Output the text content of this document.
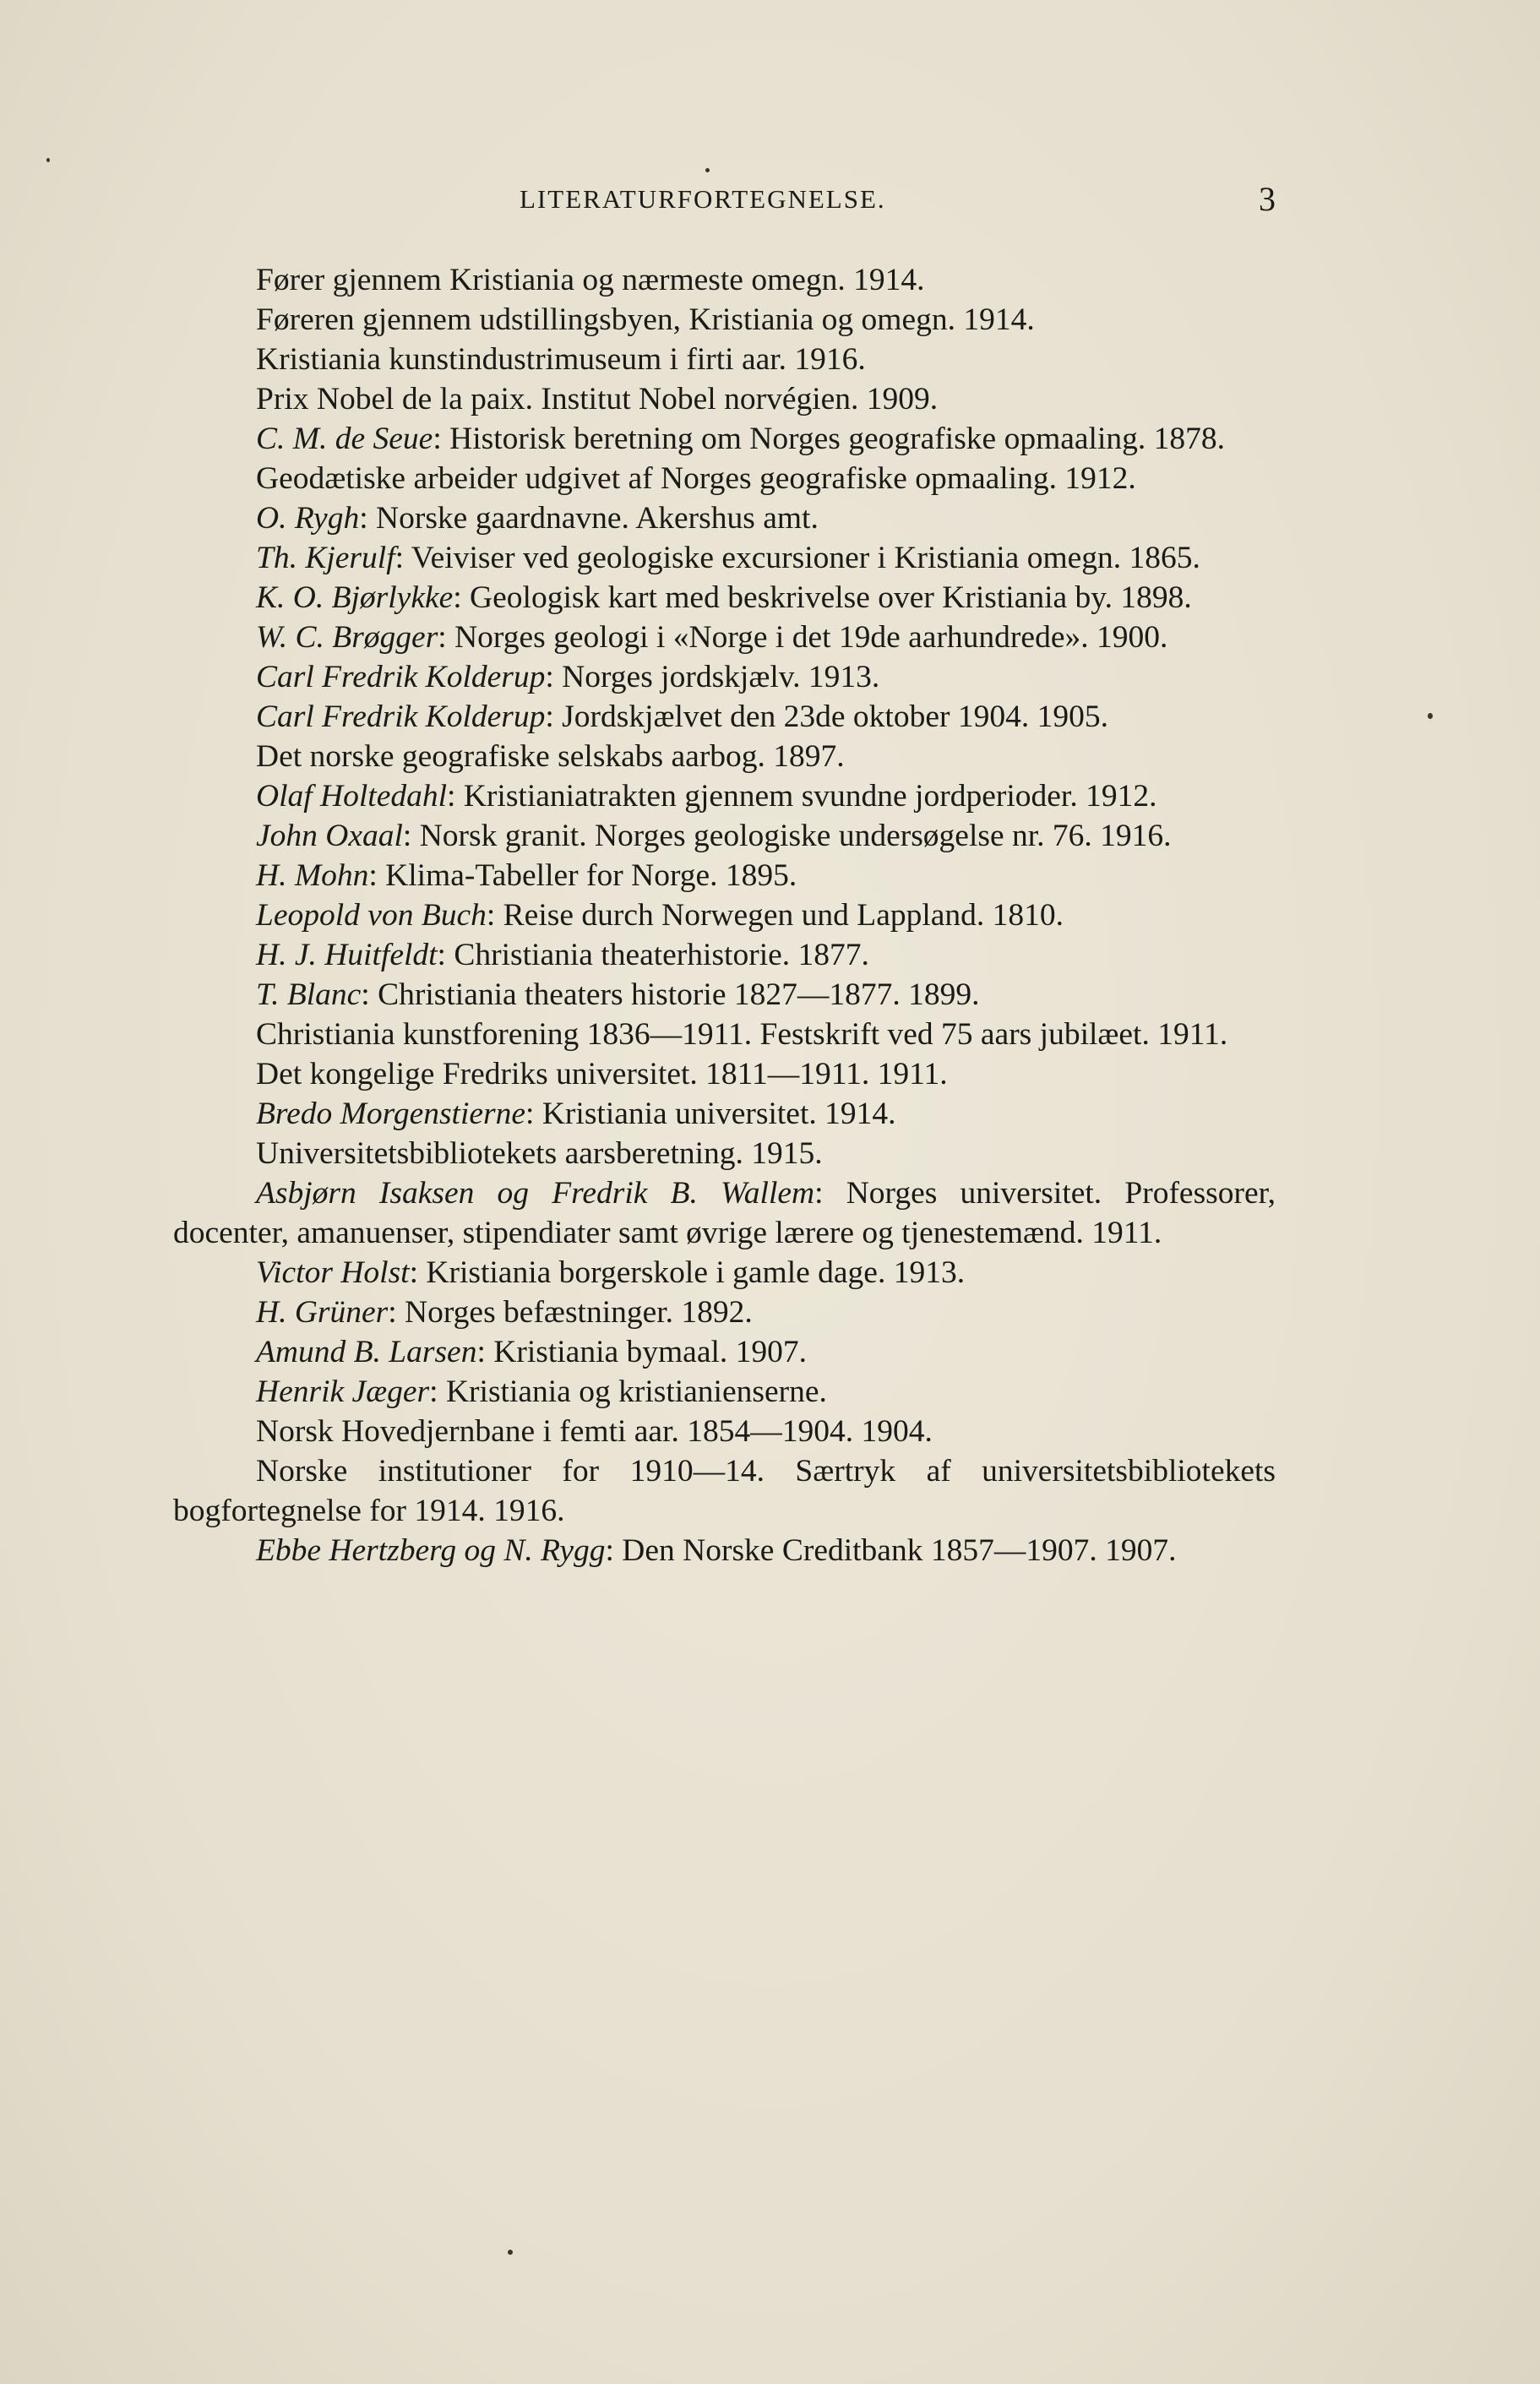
LITERATURFORTEGNELSE.	3

Fører gjennem Kristiania og nærmeste omegn. 1914.

Føreren gjennem udstillingsbyen, Kristiania og omegn. 1914.

Kristiania kunstindustrimuseum i firti aar. 1916.

Prix Nobel de la paix. Institut Nobel norvégien. 1909.

C. M. de Seue: Historisk beretning om Norges geografiske opmaaling. 1878.

Geodætiske arbeider udgivet af Norges geografiske opmaaling. 1912.

O. Rygh: Norske gaardnavne. Akershus amt.

Th. Kjerulf: Veiviser ved geologiske excursioner i Kristiania omegn. 1865.

K. O. Bjørlykke: Geologisk kart med beskrivelse over Kristiania by. 1898.

W. C. Brøgger: Norges geologi i «Norge i det 19de aarhundrede». 1900.

Carl Fredrik Kolderup: Norges jordskjælv. 1913.

Carl Fredrik Kolderup: Jordskjælvet den 23de oktober 1904. 1905.

Det norske geografiske selskabs aarbog. 1897.

Olaf Holtedahl: Kristianiatrakten gjennem svundne jordperioder. 1912.

John Oxaal: Norsk granit. Norges geologiske undersøgelse nr. 76. 1916.

H. Mohn: Klima-Tabeller for Norge. 1895.

Leopold von Buch: Reise durch Norwegen und Lappland. 1810.

H. J. Huitfeldt: Christiania theaterhistorie. 1877.

T. Blanc: Christiania theaters historie 1827—1877. 1899.

Christiania kunstforening 1836—1911. Festskrift ved 75 aars jubilæet. 1911.

Det kongelige Fredriks universitet. 1811—1911. 1911.

Bredo Morgenstierne: Kristiania universitet. 1914.

Universitetsbibliotekets aarsberetning. 1915.

Asbjørn Isaksen og Fredrik B. Wallem: Norges universitet. Professorer, docenter, amanuenser, stipendiater samt øvrige lærere og tjenestemænd. 1911.

Victor Holst: Kristiania borgerskole i gamle dage. 1913.

H. Grüner: Norges befæstninger. 1892.

Amund B. Larsen: Kristiania bymaal. 1907.

Henrik Jæger: Kristiania og kristianienserne.

Norsk Hovedjernbane i femti aar. 1854—1904. 1904.

Norske institutioner for 1910—14. Særtryk af universitetsbibliotekets bogfortegnelse for 1914. 1916.

Ebbe Hertzberg og N. Rygg: Den Norske Creditbank 1857—1907. 1907.
